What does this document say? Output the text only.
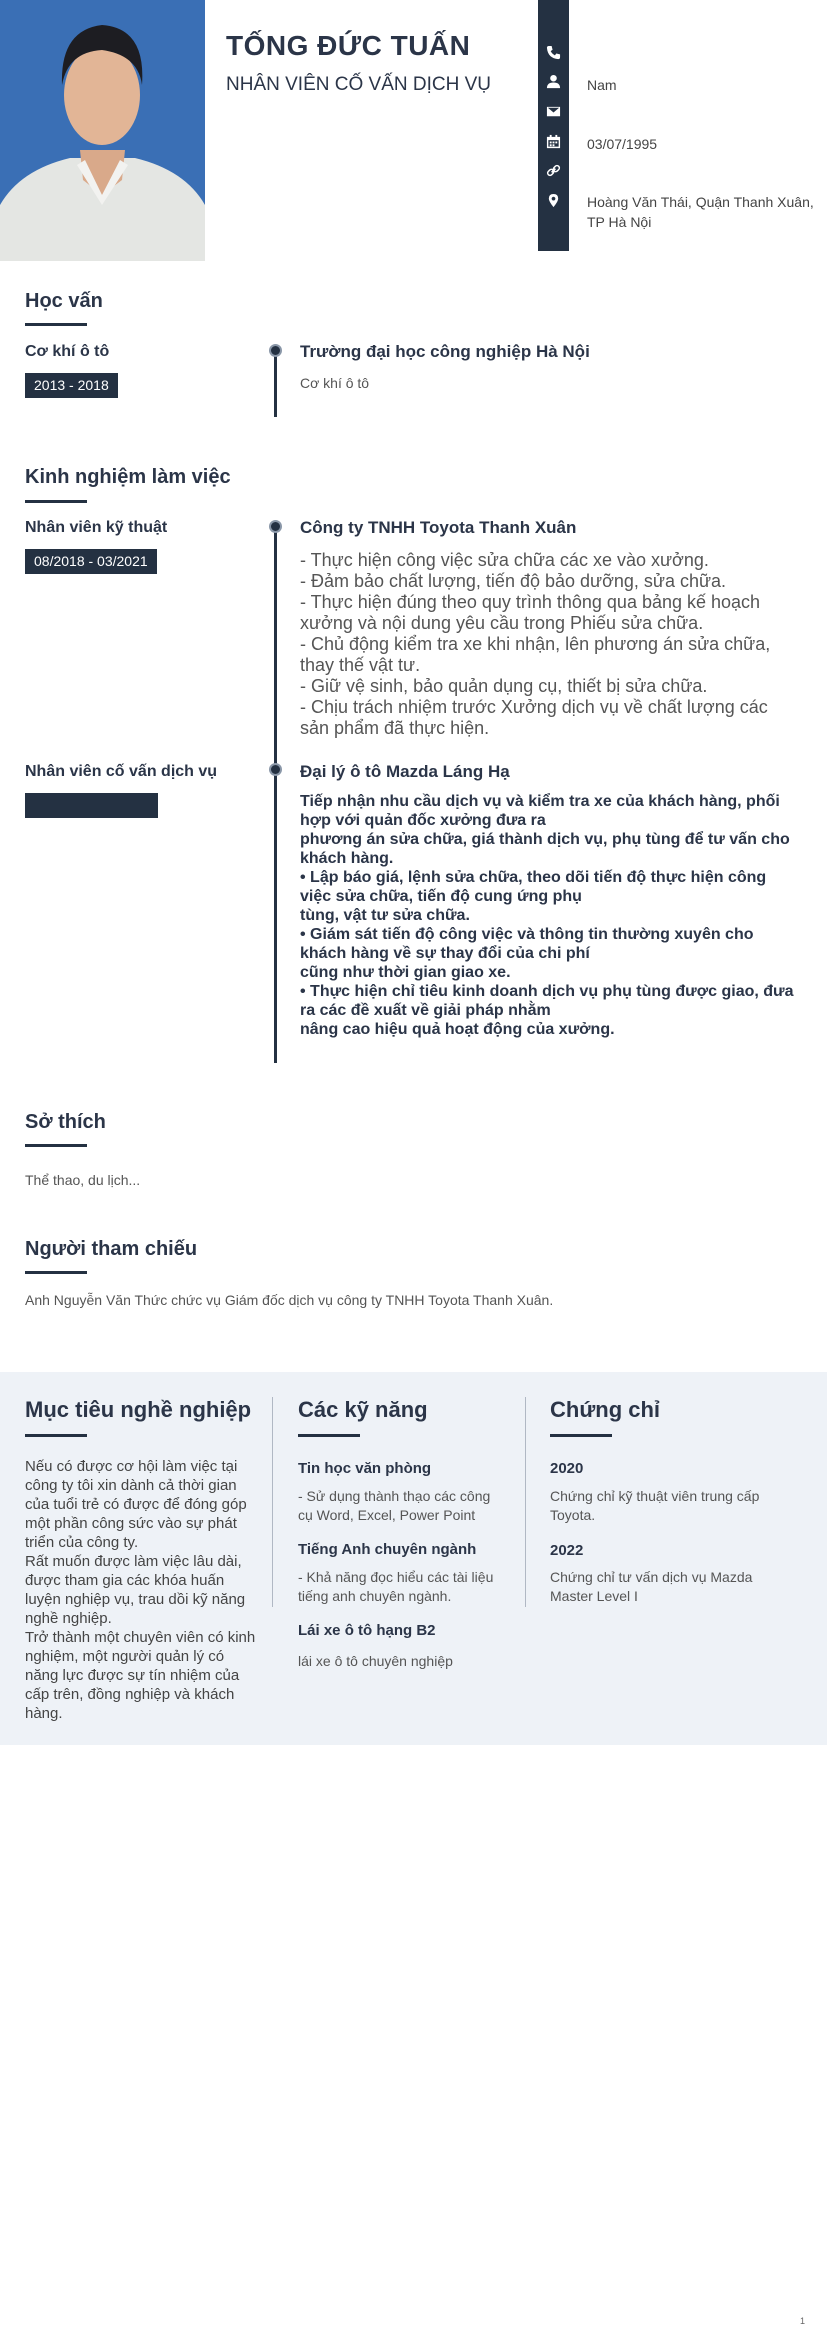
TỐNG ĐỨC TUẤN
NHÂN VIÊN CỐ VẤN DỊCH VỤ	Nam
03/07/1995
Hoàng Văn Thái, Quận Thanh Xuân, TP Hà Nội
Học vấn
Cơ khí ô tô
2013 - 2018
Trường đại học công nghiệp Hà Nội
Cơ khí ô tô
Kinh nghiệm làm việc
Nhân viên kỹ thuật
08/2018 - 03/2021
Công ty TNHH Toyota Thanh Xuân
- Thực hiện công việc sửa chữa các xe vào xưởng.
- Đảm bảo chất lượng, tiến độ bảo dưỡng, sửa chữa.
- Thực hiện đúng theo quy trình thông qua bảng kế hoạch xưởng và nội dung yêu cầu trong Phiếu sửa chữa.
- Chủ động kiểm tra xe khi nhận, lên phương án sửa chữa, thay thế vật tư.
- Giữ vệ sinh, bảo quản dụng cụ, thiết bị sửa chữa.
- Chịu trách nhiệm trước Xưởng dịch vụ về chất lượng các sản phẩm đã thực hiện.
Nhân viên cố vấn dịch vụ	Đại lý ô tô Mazda Láng Hạ
Tiếp nhận nhu cầu dịch vụ và kiểm tra xe của khách hàng, phối hợp với quản đốc xưởng đưa ra
phương án sửa chữa, giá thành dịch vụ, phụ tùng để tư vấn cho khách hàng.
• Lập báo giá, lệnh sửa chữa, theo dõi tiến độ thực hiện công việc sửa chữa, tiến độ cung ứng phụ
tùng, vật tư sửa chữa.
• Giám sát tiến độ công việc và thông tin thường xuyên cho khách hàng về sự thay đổi của chi phí
cũng như thời gian giao xe.
• Thực hiện chỉ tiêu kinh doanh dịch vụ phụ tùng được giao, đưa ra các đề xuất về giải pháp nhằm
nâng cao hiệu quả hoạt động của xưởng.
Sở thích
Thể thao, du lịch...
Người tham chiếu
Anh Nguyễn Văn Thức chức vụ Giám đốc dịch vụ công ty TNHH Toyota Thanh Xuân.
Mục tiêu nghề nghiệp
Nếu có được cơ hội làm việc tại công ty tôi xin dành cả thời gian của tuổi trẻ có được để đóng góp một phần công sức vào sự phát triển của công ty.
Rất muốn được làm việc lâu dài, được tham gia các khóa huấn luyện nghiệp vụ, trau dồi kỹ năng nghề nghiệp.
Trở thành một chuyên viên có kinh nghiệm, một người quản lý có năng lực được sự tín nhiệm của cấp trên, đồng nghiệp và khách hàng.
Các kỹ năng
Tin học văn phòng
- Sử dụng thành thạo các công cụ Word, Excel, Power Point
Tiếng Anh chuyên ngành
- Khả năng đọc hiểu các tài liệu tiếng anh chuyên ngành.
Lái xe ô tô hạng B2
lái xe ô tô chuyên nghiệp
Chứng chỉ
2020
Chứng chỉ kỹ thuật viên trung cấp Toyota.
2022
Chứng chỉ tư vấn dịch vụ Mazda Master Level I
1
